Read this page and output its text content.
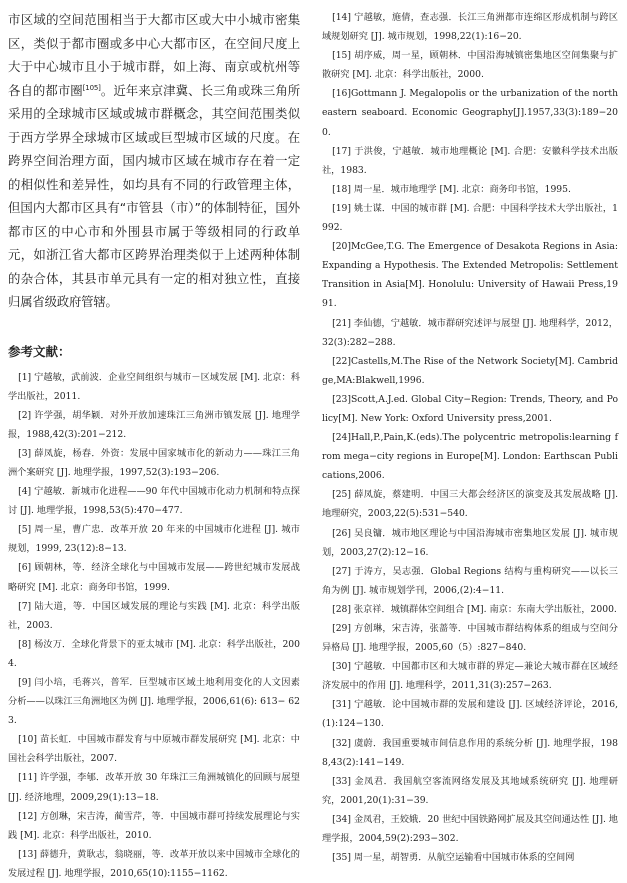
市区域的空间范围相当于大都市区或大中小城市密集区，类似于都市圈或多中心大都市区，在空间尺度上大于中心城市且小于城市群，如上海、南京或杭州等各自的都市圈[105]。近年来京津冀、长三角或珠三角所采用的全球城市区域或城市群概念，其空间范围类似于西方学界全球城市区域或巨型城市区域的尺度。在跨界空间治理方面，国内城市区域在城市存在着一定的相似性和差异性，如均具有不同的行政管理主体，但国内大都市区具有“市管县（市）”的体制特征，国外都市区的中心市和外围县市属于等级相同的行政单元，如浙江省大都市区跨界治理类似于上述两种体制的杂合体，其县市单元具有一定的相对独立性，直接归属省级政府管辖。

参考文献：

[1] 宁越敏，武前波．企业空间组织与城市－区域发展 [M]. 北京：科学出版社，2011.

[2] 许学强，胡华颖．对外开放加速珠江三角洲市镇发展 [J]. 地理学报，1988,42(3):201−212.

[3] 薛凤旋，杨春．外资：发展中国家城市化的新动力——珠江三角洲个案研究 [J]. 地理学报，1997,52(3):193−206.

[4] 宁越敏．新城市化进程——90 年代中国城市化动力机制和特点探讨 [J]. 地理学报，1998,53(5):470−477.

[5] 周一星，曹广忠．改革开放 20 年来的中国城市化进程 [J]. 城市规划，1999, 23(12):8−13.

[6] 顾朝林，等．经济全球化与中国城市发展——跨世纪城市发展战略研究 [M]. 北京：商务印书馆，1999.

[7] 陆大道，等．中国区域发展的理论与实践 [M]. 北京：科学出版社，2003.

[8] 杨汝万．全球化背景下的亚太城市 [M]. 北京：科学出版社，2004.

[9] 闫小培，毛蒋兴，普军．巨型城市区域土地利用变化的人文因素分析——以珠江三角洲地区为例 [J]. 地理学报，2006,61(6): 613− 623.

[10] 苗长虹．中国城市群发育与中原城市群发展研究 [M]. 北京：中国社会科学出版社，2007.

[11] 许学强，李郇．改革开放 30 年珠江三角洲城镇化的回顾与展望 [J]. 经济地理，2009,29(1):13−18.

[12] 方创琳，宋吉涛，蔺雪芹，等．中国城市群可持续发展理论与实践 [M]. 北京：科学出版社，2010.

[13] 薛德升，黄耿志，翁晓丽，等．改革开放以来中国城市全球化的发展过程 [J]. 地理学报，2010,65(10):1155−1162.

[14] 宁越敏，施倩，查志强．长江三角洲都市连绵区形成机制与跨区域规划研究 [J]. 城市规划，1998,22(1):16−20.

[15] 胡序威，周一星，顾朝林．中国沿海城镇密集地区空间集聚与扩散研究 [M]. 北京：科学出版社，2000.

[16]Gottmann J. Megalopolis or the urbanization of the northeastern seaboard. Economic Geography[J].1957,33(3):189−200.

[17] 于洪俊，宁越敏．城市地理概论 [M]. 合肥：安徽科学技术出版社，1983.

[18] 周一星．城市地理学 [M]. 北京：商务印书馆，1995.

[19] 姚士谋．中国的城市群 [M]. 合肥：中国科学技术大学出版社，1992.

[20]McGee,T.G. The Emergence of Desakota Regions in Asia: Expanding a Hypothesis. The Extended Metropolis: Settlement Transition in Asia[M]. Honolulu: University of Hawaii Press,1991.

[21] 李仙德，宁越敏．城市群研究述评与展望 [J]. 地理科学，2012，32(3):282−288.

[22]Castells,M.The Rise of the Network Society[M]. Cambridge,MA:Blakwell,1996.

[23]Scott,A.J.ed. Global City−Region: Trends, Theory, and Policy[M]. New York: Oxford University press,2001.

[24]Hall,P.,Pain,K.(eds).The polycentric metropolis:learning from mega−city regions in Europe[M]. London: Earthscan Publications,2006.

[25] 薛凤旋，蔡建明．中国三大都会经济区的演变及其发展战略 [J]. 地理研究，2003,22(5):531−540.

[26] 吴良镛．城市地区理论与中国沿海城市密集地区发展 [J]. 城市规划，2003,27(2):12−16.

[27] 于涛方，吴志强．Global Regions 结构与重构研究——以长三角为例 [J]. 城市规划学刊，2006,(2):4−11.

[28] 张京祥．城镇群体空间组合 [M]. 南京：东南大学出版社，2000.

[29] 方创琳，宋吉涛，张蔷等．中国城市群结构体系的组成与空间分异格局 [J]. 地理学报，2005,60（5）:827−840.

[30] 宁越敏．中国都市区和大城市群的界定—兼论大城市群在区域经济发展中的作用 [J]. 地理科学，2011,31(3):257−263.

[31] 宁越敏．论中国城市群的发展和建设 [J]. 区域经济评论，2016,(1):124−130.

[32] 虞蔚．我国重要城市间信息作用的系统分析 [J]. 地理学报，1988,43(2):141−149.

[33] 金凤君．我国航空客流网络发展及其地域系统研究 [J]. 地理研究，2001,20(1):31−39.

[34] 金凤君，王姣娥．20 世纪中国铁路网扩展及其空间通达性 [J]. 地理学报，2004,59(2):293−302.

[35] 周一星，胡智勇．从航空运输看中国城市体系的空间网
